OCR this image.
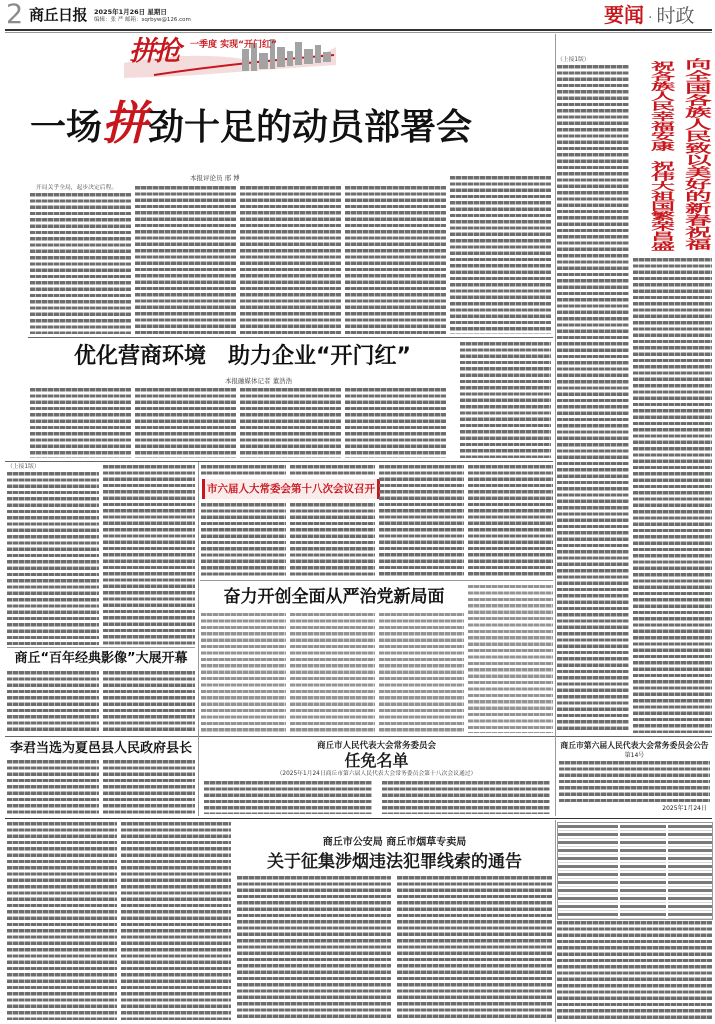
2 商丘日报 2025年1月26日 星期日
编辑：张 严 邮箱：sqrbyw@126.com	要闻 · 时政
拼抢 一季度 实现“开门红”
一场拼劲十足的动员部署会
本报评论员 邢 博
开局关乎全局，起步决定后程。
优化营商环境　助力企业“开门红”
本报融媒体记者 董浩浩
（上接1版）
商丘“百年经典影像”大展开幕
李君当选为夏邑县人民政府县长
市六届人大常委会第十八次会议召开
奋力开创全面从严治党新局面
商丘市人民代表大会常务委员会
任免名单
（2025年1月24日商丘市第六届人民代表大会常务委员会第十八次会议通过）
（上接1版）	向全国各族人民致以美好的新春祝福
祝各族人民幸福安康　祝伟大祖国繁荣昌盛
商丘市第六届人民代表大会常务委员会公告
第14号
2025年1月24日
商丘市公安局 商丘市烟草专卖局
关于征集涉烟违法犯罪线索的通告
